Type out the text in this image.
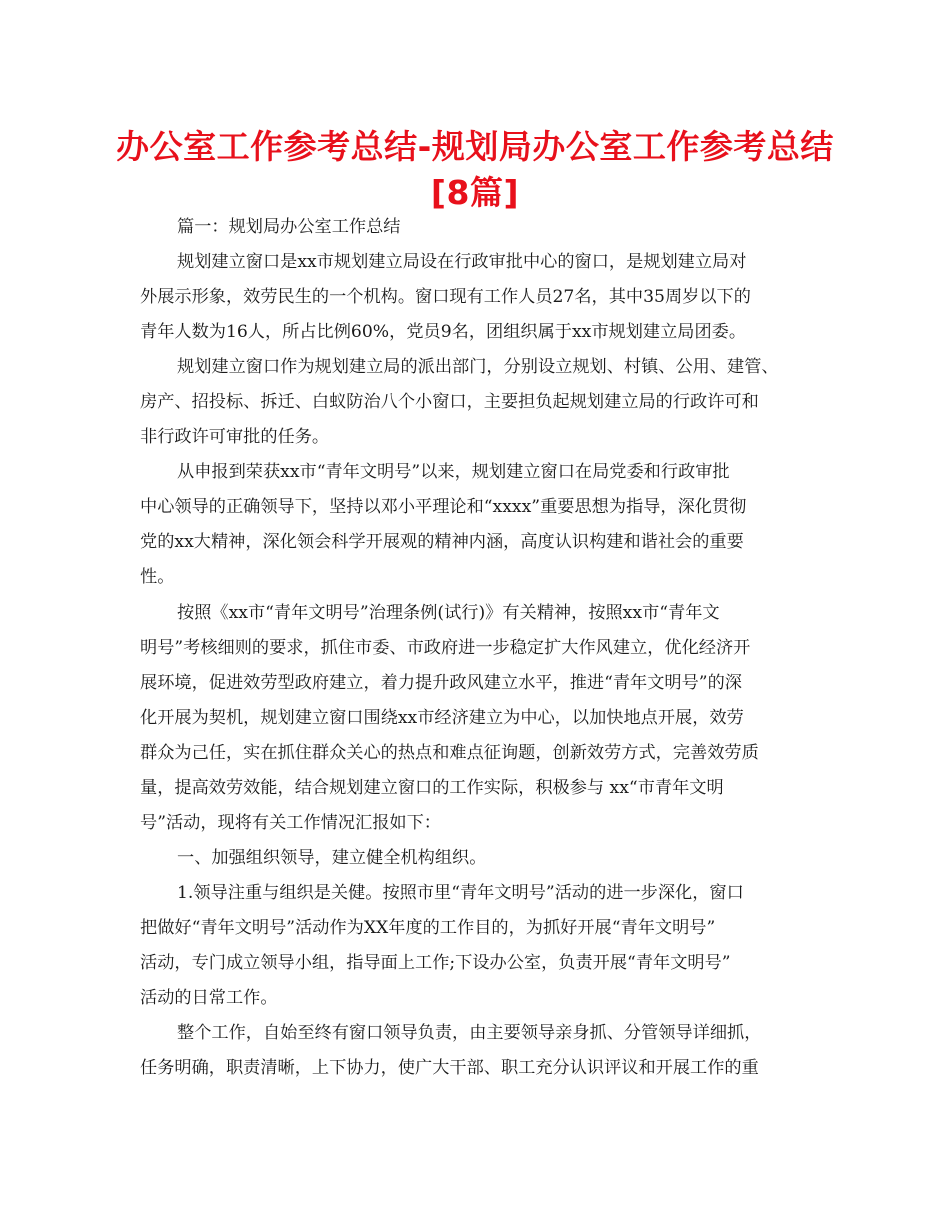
办公室工作参考总结-规划局办公室工作参考总结
[8篇]
篇一：规划局办公室工作总结
规划建立窗口是xx市规划建立局设在行政审批中心的窗口，是规划建立局对
外展示形象，效劳民生的一个机构。窗口现有工作人员27名，其中35周岁以下的
青年人数为16人，所占比例60%，党员9名，团组织属于xx市规划建立局团委。
规划建立窗口作为规划建立局的派出部门，分别设立规划、村镇、公用、建管、
房产、招投标、拆迁、白蚁防治八个小窗口，主要担负起规划建立局的行政许可和
非行政许可审批的任务。
从申报到荣获xx市“青年文明号”以来，规划建立窗口在局党委和行政审批
中心领导的正确领导下，坚持以邓小平理论和“xxxx”重要思想为指导，深化贯彻
党的xx大精神，深化领会科学开展观的精神内涵，高度认识构建和谐社会的重要
性。
按照《xx市“青年文明号”治理条例(试行)》有关精神，按照xx市“青年文
明号”考核细则的要求，抓住市委、市政府进一步稳定扩大作风建立，优化经济开
展环境，促进效劳型政府建立，着力提升政风建立水平，推进“青年文明号”的深
化开展为契机，规划建立窗口围绕xx市经济建立为中心，以加快地点开展，效劳
群众为己任，实在抓住群众关心的热点和难点征询题，创新效劳方式，完善效劳质
量，提高效劳效能，结合规划建立窗口的工作实际，积极参与 xx“市青年文明
号”活动，现将有关工作情况汇报如下：
一、加强组织领导，建立健全机构组织。
1.领导注重与组织是关健。按照市里“青年文明号”活动的进一步深化，窗口
把做好“青年文明号”活动作为XX年度的工作目的，为抓好开展“青年文明号”
活动，专门成立领导小组，指导面上工作;下设办公室，负责开展“青年文明号”
活动的日常工作。
整个工作，自始至终有窗口领导负责，由主要领导亲身抓、分管领导详细抓，
任务明确，职责清晰，上下协力，使广大干部、职工充分认识评议和开展工作的重
